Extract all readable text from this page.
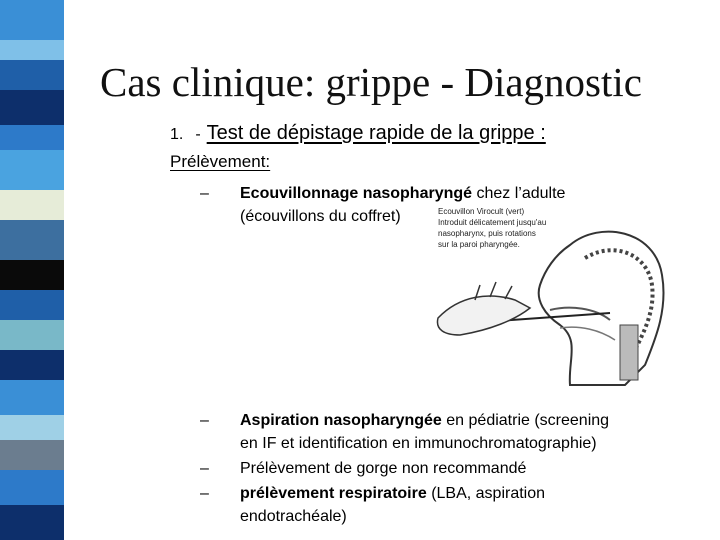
Cas clinique: grippe - Diagnostic
1. - Test de dépistage rapide de la grippe :
Prélèvement:
– Ecouvillonnage nasopharyngé chez l’adulte
(écouvillons du coffret)	Ecouvillon Virocult (vert)
Introduit délicatement jusqu'au
nasopharynx, puis rotations
sur la paroi pharyngée.
– Aspiration nasopharyngée en pédiatrie (screening
en IF et identification en immunochromatographie)
– Prélèvement de gorge non recommandé
– prélèvement respiratoire (LBA, aspiration
endotrachéale)
